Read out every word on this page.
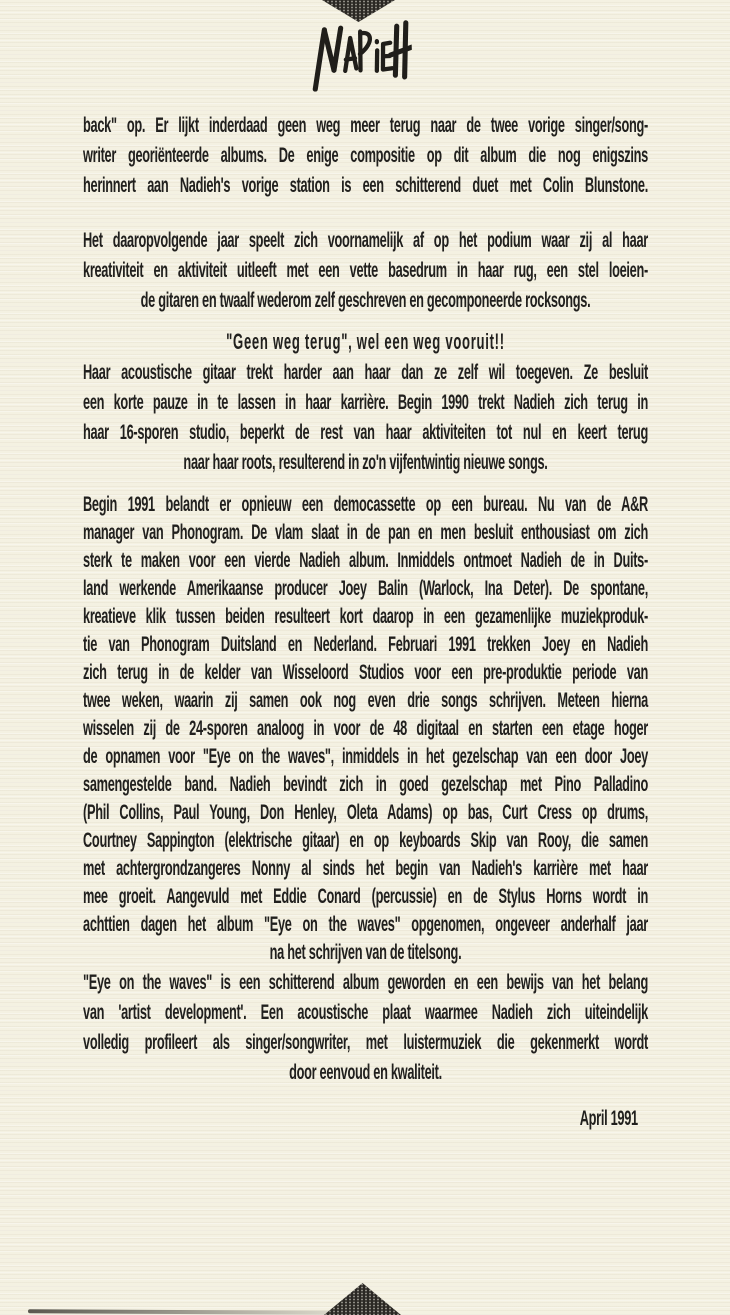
back" op. Er lijkt inderdaad geen weg meer terug naar de twee vorige singer/song-
writer georiënteerde albums. De enige compositie op dit album die nog enigszins
herinnert aan Nadieh's vorige station is een schitterend duet met Colin Blunstone.
Het daaropvolgende jaar speelt zich voornamelijk af op het podium waar zij al haar
kreativiteit en aktiviteit uitleeft met een vette basedrum in haar rug, een stel loeien-
de gitaren en twaalf wederom zelf geschreven en gecomponeerde rocksongs.
"Geen weg terug", wel een weg vooruit!!
Haar acoustische gitaar trekt harder aan haar dan ze zelf wil toegeven. Ze besluit
een korte pauze in te lassen in haar karrière. Begin 1990 trekt Nadieh zich terug in
haar 16-sporen studio, beperkt de rest van haar aktiviteiten tot nul en keert terug
naar haar roots, resulterend in zo'n vijfentwintig nieuwe songs.
Begin 1991 belandt er opnieuw een democassette op een bureau. Nu van de A&R
manager van Phonogram. De vlam slaat in de pan en men besluit enthousiast om zich
sterk te maken voor een vierde Nadieh album. Inmiddels ontmoet Nadieh de in Duits-
land werkende Amerikaanse producer Joey Balin (Warlock, Ina Deter). De spontane,
kreatieve klik tussen beiden resulteert kort daarop in een gezamenlijke muziekproduk-
tie van Phonogram Duitsland en Nederland. Februari 1991 trekken Joey en Nadieh
zich terug in de kelder van Wisseloord Studios voor een pre-produktie periode van
twee weken, waarin zij samen ook nog even drie songs schrijven. Meteen hierna
wisselen zij de 24-sporen analoog in voor de 48 digitaal en starten een etage hoger
de opnamen voor "Eye on the waves", inmiddels in het gezelschap van een door Joey
samengestelde band. Nadieh bevindt zich in goed gezelschap met Pino Palladino
(Phil Collins, Paul Young, Don Henley, Oleta Adams) op bas, Curt Cress op drums,
Courtney Sappington (elektrische gitaar) en op keyboards Skip van Rooy, die samen
met achtergrondzangeres Nonny al sinds het begin van Nadieh's karrière met haar
mee groeit. Aangevuld met Eddie Conard (percussie) en de Stylus Horns wordt in
achttien dagen het album "Eye on the waves" opgenomen, ongeveer anderhalf jaar
na het schrijven van de titelsong.
"Eye on the waves" is een schitterend album geworden en een bewijs van het belang
van 'artist development'. Een acoustische plaat waarmee Nadieh zich uiteindelijk
volledig profileert als singer/songwriter, met luistermuziek die gekenmerkt wordt
door eenvoud en kwaliteit.
April 1991
